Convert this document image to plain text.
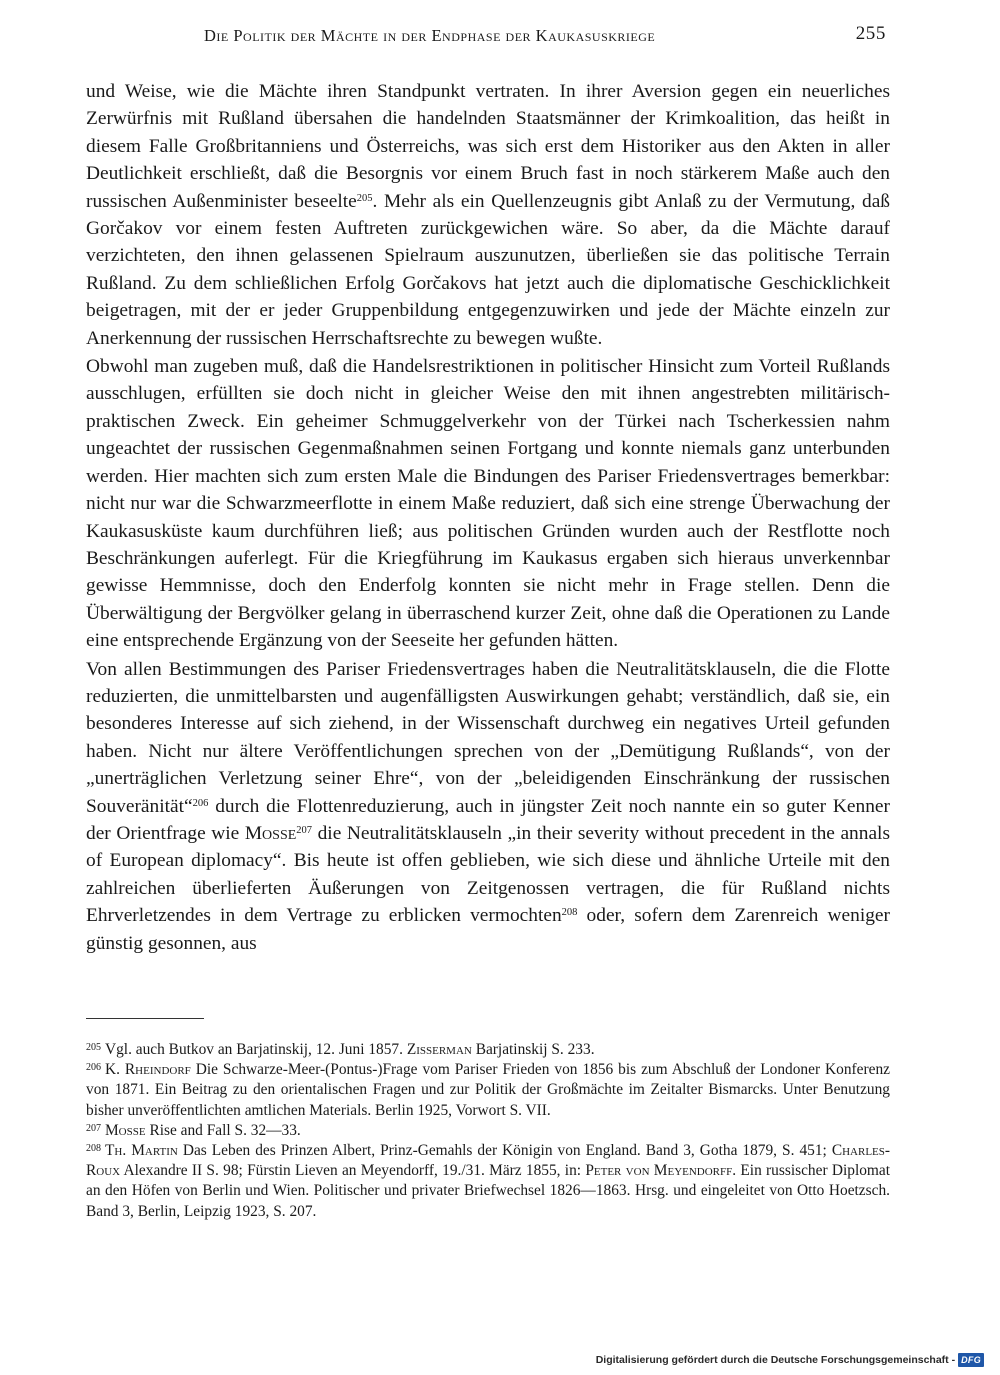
Die Politik der Mächte in der Endphase der Kaukasuskriege	255

und Weise, wie die Mächte ihren Standpunkt vertraten. In ihrer Aversion gegen ein neuerliches Zerwürfnis mit Rußland übersahen die handelnden Staatsmänner der Krimkoalition, das heißt in diesem Falle Großbritanniens und Österreichs, was sich erst dem Historiker aus den Akten in aller Deutlichkeit erschließt, daß die Besorgnis vor einem Bruch fast in noch stärkerem Maße auch den russischen Außenminister beseelte$^{205}$. Mehr als ein Quellenzeugnis gibt Anlaß zu der Vermutung, daß Gorčakov vor einem festen Auftreten zurückgewichen wäre. So aber, da die Mächte darauf verzichteten, den ihnen gelassenen Spielraum auszunutzen, überließen sie das politische Terrain Rußland. Zu dem schließlichen Erfolg Gorčakovs hat jetzt auch die diplomatische Geschicklichkeit beigetragen, mit der er jeder Gruppenbildung entgegenzuwirken und jede der Mächte einzeln zur Anerkennung der russischen Herrschaftsrechte zu bewegen wußte.

Obwohl man zugeben muß, daß die Handelsrestriktionen in politischer Hinsicht zum Vorteil Rußlands ausschlugen, erfüllten sie doch nicht in gleicher Weise den mit ihnen angestrebten militärisch-praktischen Zweck. Ein geheimer Schmuggelverkehr von der Türkei nach Tscherkessien nahm ungeachtet der russischen Gegenmaßnahmen seinen Fortgang und konnte niemals ganz unterbunden werden. Hier machten sich zum ersten Male die Bindungen des Pariser Friedensvertrages bemerkbar: nicht nur war die Schwarzmeerflotte in einem Maße reduziert, daß sich eine strenge Überwachung der Kaukasusküste kaum durchführen ließ; aus politischen Gründen wurden auch der Restflotte noch Beschränkungen auferlegt. Für die Kriegführung im Kaukasus ergaben sich hieraus unverkennbar gewisse Hemmnisse, doch den Enderfolg konnten sie nicht mehr in Frage stellen. Denn die Überwältigung der Bergvölker gelang in überraschend kurzer Zeit, ohne daß die Operationen zu Lande eine entsprechende Ergänzung von der Seeseite her gefunden hätten.

Von allen Bestimmungen des Pariser Friedensvertrages haben die Neutralitätsklauseln, die die Flotte reduzierten, die unmittelbarsten und augenfälligsten Auswirkungen gehabt; verständlich, daß sie, ein besonderes Interesse auf sich ziehend, in der Wissenschaft durchweg ein negatives Urteil gefunden haben. Nicht nur ältere Veröffentlichungen sprechen von der „Demütigung Rußlands“, von der „unerträglichen Verletzung seiner Ehre“, von der „beleidigenden Einschränkung der russischen Souveränität“$^{206}$ durch die Flottenreduzierung, auch in jüngster Zeit noch nannte ein so guter Kenner der Orientfrage wie Mosse$^{207}$ die Neutralitätsklauseln „in their severity without precedent in the annals of European diplomacy“. Bis heute ist offen geblieben, wie sich diese und ähnliche Urteile mit den zahlreichen überlieferten Äußerungen von Zeitgenossen vertragen, die für Rußland nichts Ehrverletzendes in dem Vertrage zu erblicken vermochten$^{208}$ oder, sofern dem Zarenreich weniger günstig gesonnen, aus

$^{205}$ Vgl. auch Butkov an Barjatinskij, 12. Juni 1857. Zisserman Barjatinskij S. 233.

$^{206}$ K. Rheindorf Die Schwarze-Meer-(Pontus-)Frage vom Pariser Frieden von 1856 bis zum Abschluß der Londoner Konferenz von 1871. Ein Beitrag zu den orientalischen Fragen und zur Politik der Großmächte im Zeitalter Bismarcks. Unter Benutzung bisher unveröffentlichten amtlichen Materials. Berlin 1925, Vorwort S. VII.

$^{207}$ Mosse Rise and Fall S. 32—33.

$^{208}$ Th. Martin Das Leben des Prinzen Albert, Prinz-Gemahls der Königin von England. Band 3, Gotha 1879, S. 451; Charles-Roux Alexandre II S. 98; Fürstin Lieven an Meyendorff, 19./31. März 1855, in: Peter von Meyendorff. Ein russischer Diplomat an den Höfen von Berlin und Wien. Politischer und privater Briefwechsel 1826—1863. Hrsg. und eingeleitet von Otto Hoetzsch. Band 3, Berlin, Leipzig 1923, S. 207.

Digitalisierung gefördert durch die Deutsche Forschungsgemeinschaft - DFG
